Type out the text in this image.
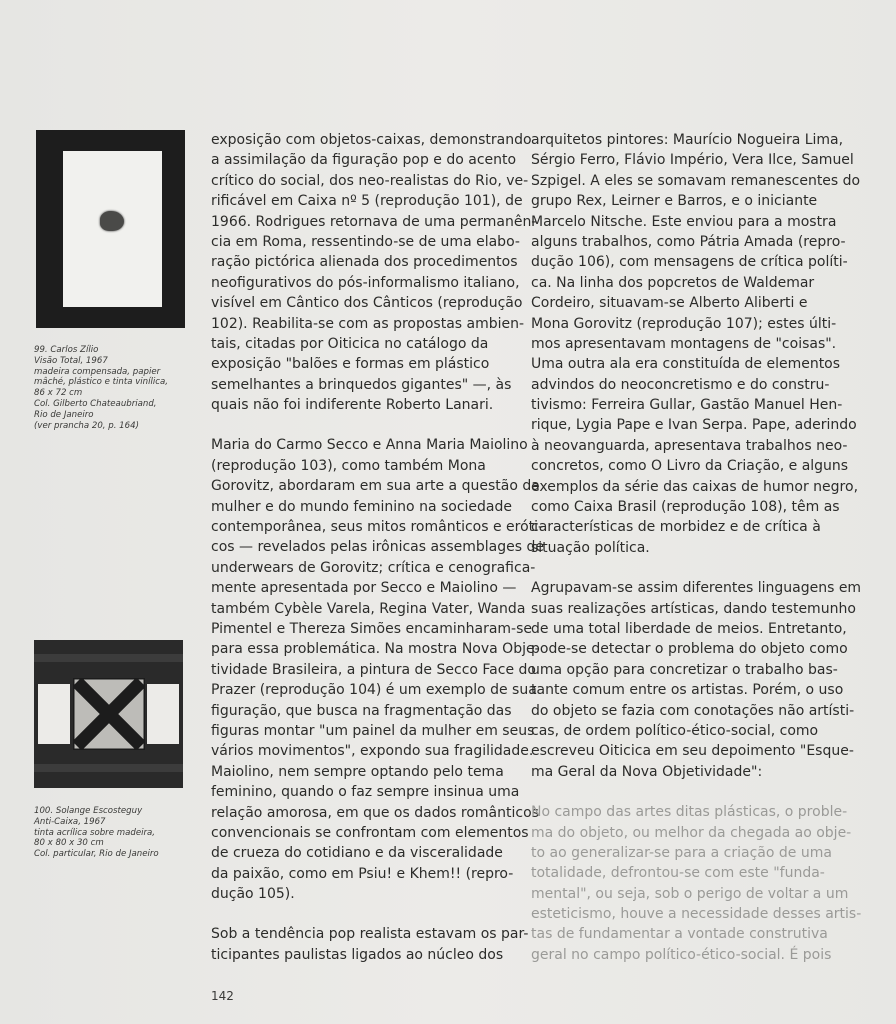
99. Carlos Zílio
Visão Total, 1967
madeira compensada, papier
mâché, plástico e tinta vinílica,
86 x 72 cm
Col. Gilberto Chateaubriand,
Rio de Janeiro
(ver prancha 20, p. 164)
100. Solange Escosteguy
Anti-Caixa, 1967
tinta acrílica sobre madeira,
80 x 80 x 30 cm
Col. particular, Rio de Janeiro

exposição com objetos-caixas, demonstrando
a assimilação da figuração pop e do acento
crítico do social, dos neo-realistas do Rio, ve-
rificável em Caixa nº 5 (reprodução 101), de
1966. Rodrigues retornava de uma permanên-
cia em Roma, ressentindo-se de uma elabo-
ração pictórica alienada dos procedimentos
neofigurativos do pós-informalismo italiano,
visível em Cântico dos Cânticos (reprodução
102). Reabilita-se com as propostas ambien-
tais, citadas por Oiticica no catálogo da
exposição "balões e formas em plástico
semelhantes a brinquedos gigantes" —, às
quais não foi indiferente Roberto Lanari.

Maria do Carmo Secco e Anna Maria Maiolino
(reprodução 103), como também Mona
Gorovitz, abordaram em sua arte a questão da
mulher e do mundo feminino na sociedade
contemporânea, seus mitos românticos e eróti-
cos — revelados pelas irônicas assemblages de
underwears de Gorovitz; crítica e cenografica-
mente apresentada por Secco e Maiolino —
também Cybèle Varela, Regina Vater, Wanda
Pimentel e Thereza Simões encaminharam-se
para essa problemática. Na mostra Nova Obje-
tividade Brasileira, a pintura de Secco Face do
Prazer (reprodução 104) é um exemplo de sua
figuração, que busca na fragmentação das
figuras montar "um painel da mulher em seus
vários movimentos", expondo sua fragilidade.
Maiolino, nem sempre optando pelo tema
feminino, quando o faz sempre insinua uma
relação amorosa, em que os dados românticos
convencionais se confrontam com elementos
de crueza do cotidiano e da visceralidade
da paixão, como em Psiu! e Khem!! (repro-
dução 105).

Sob a tendência pop realista estavam os par-
ticipantes paulistas ligados ao núcleo dos

arquitetos pintores: Maurício Nogueira Lima,
Sérgio Ferro, Flávio Império, Vera Ilce, Samuel
Szpigel. A eles se somavam remanescentes do
grupo Rex, Leirner e Barros, e o iniciante
Marcelo Nitsche. Este enviou para a mostra
alguns trabalhos, como Pátria Amada (repro-
dução 106), com mensagens de crítica políti-
ca. Na linha dos popcretos de Waldemar
Cordeiro, situavam-se Alberto Aliberti e
Mona Gorovitz (reprodução 107); estes últi-
mos apresentavam montagens de "coisas".
Uma outra ala era constituída de elementos
advindos do neoconcretismo e do constru-
tivismo: Ferreira Gullar, Gastão Manuel Hen-
rique, Lygia Pape e Ivan Serpa. Pape, aderindo
à neovanguarda, apresentava trabalhos neo-
concretos, como O Livro da Criação, e alguns
exemplos da série das caixas de humor negro,
como Caixa Brasil (reprodução 108), têm as
características de morbidez e de crítica à
situação política.

Agrupavam-se assim diferentes linguagens em
suas realizações artísticas, dando testemunho
de uma total liberdade de meios. Entretanto,
pode-se detectar o problema do objeto como
uma opção para concretizar o trabalho bas-
tante comum entre os artistas. Porém, o uso
do objeto se fazia com conotações não artísti-
cas, de ordem político-ético-social, como
escreveu Oiticica em seu depoimento "Esque-
ma Geral da Nova Objetividade":

No campo das artes ditas plásticas, o proble-
ma do objeto, ou melhor da chegada ao obje-
to ao generalizar-se para a criação de uma
totalidade, defrontou-se com este "funda-
mental", ou seja, sob o perigo de voltar a um
esteticismo, houve a necessidade desses artis-
tas de fundamentar a vontade construtiva
geral no campo político-ético-social. É pois

142
